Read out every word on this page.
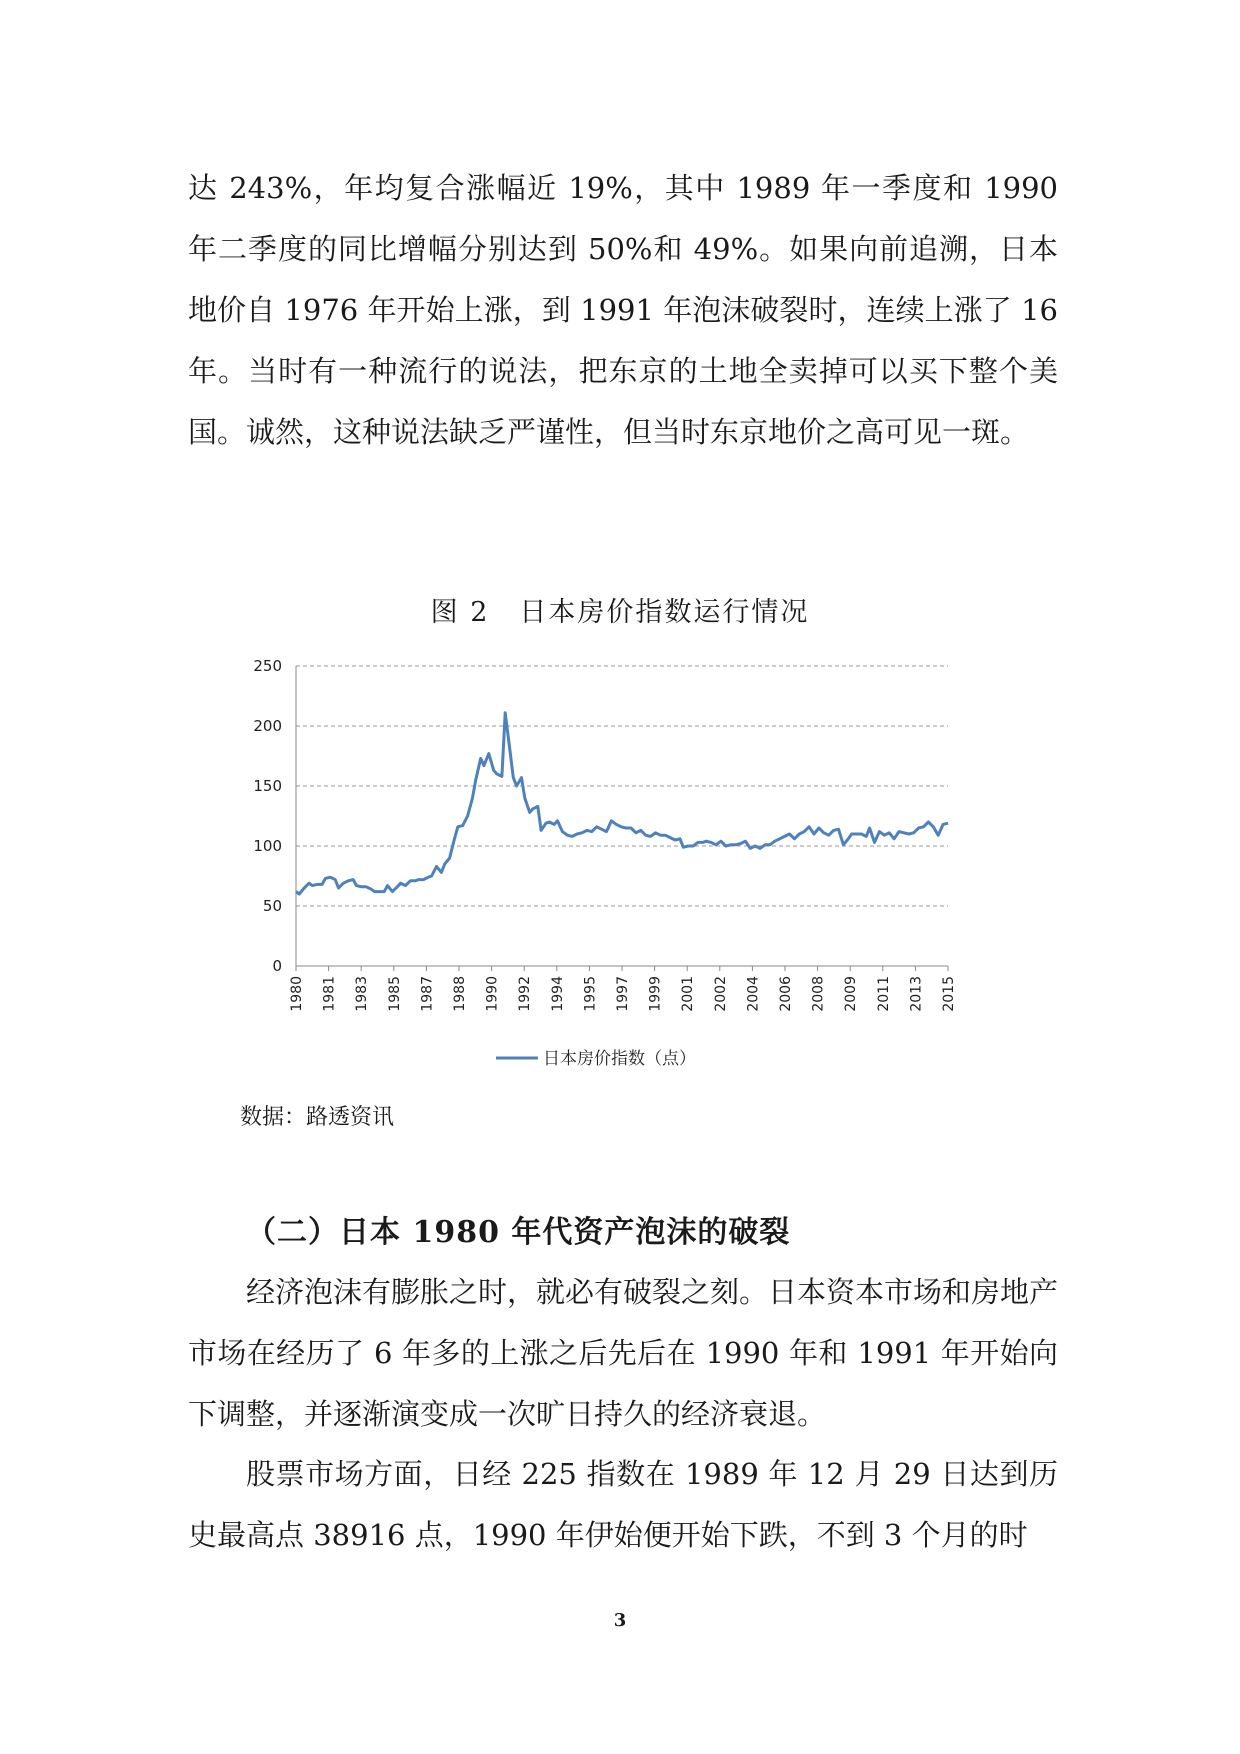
达 243%，年均复合涨幅近 19%，其中 1989 年一季度和 1990 年二季度的同比增幅分别达到 50%和 49%。如果向前追溯，日本地价自 1976 年开始上涨，到 1991 年泡沫破裂时，连续上涨了 16 年。当时有一种流行的说法，把东京的土地全卖掉可以买下整个美国。诚然，这种说法缺乏严谨性，但当时东京地价之高可见一斑。

图 2 日本房价指数运行情况

0
50
100
150
200
250
1980 1981 1983 1985 1987 1988 1990 1992 1994 1995 1997 1999 2001 2002 2004 2006 2008 2009 2011 2013 2015
日本房价指数（点）

数据：路透资讯

（二）日本 1980 年代资产泡沫的破裂

经济泡沫有膨胀之时，就必有破裂之刻。日本资本市场和房地产市场在经历了 6 年多的上涨之后先后在 1990 年和 1991 年开始向下调整，并逐渐演变成一次旷日持久的经济衰退。

股票市场方面，日经 225 指数在 1989 年 12 月 29 日达到历史最高点 38916 点，1990 年伊始便开始下跌，不到 3 个月的时

3
